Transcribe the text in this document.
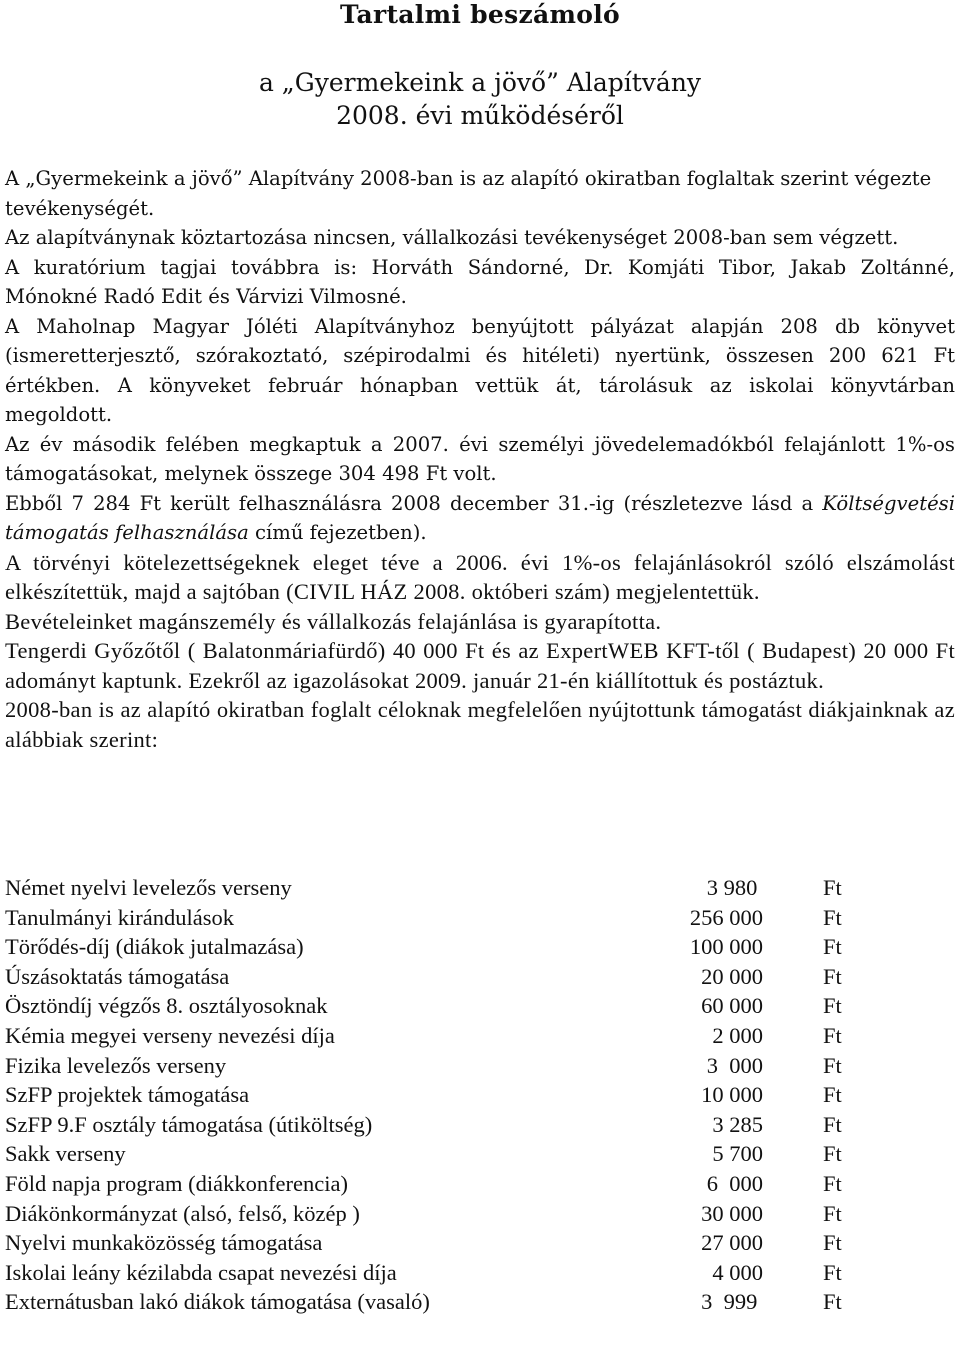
Tartalmi beszámoló
a „Gyermekeink a jövő” Alapítvány
2008. évi működéséről

A „Gyermekeink a jövő” Alapítvány 2008-ban is az alapító okiratban foglaltak szerint végezte tevékenységét.

Az alapítványnak köztartozása nincsen, vállalkozási tevékenységet 2008-ban sem végzett.

A kuratórium tagjai továbbra is: Horváth Sándorné, Dr. Komjáti Tibor, Jakab Zoltánné, Mónokné Radó Edit és Várvizi Vilmosné.

A Maholnap Magyar Jóléti Alapítványhoz benyújtott pályázat alapján 208 db könyvet (ismeretterjesztő, szórakoztató, szépirodalmi és hitéleti) nyertünk, összesen 200 621 Ft értékben. A könyveket február hónapban vettük át, tárolásuk az iskolai könyvtárban megoldott.

Az év második felében megkaptuk a 2007. évi személyi jövedelemadókból felajánlott 1%-os támogatásokat, melynek összege 304 498 Ft volt.

Ebből 7 284 Ft került felhasználásra 2008 december 31.-ig (részletezve lásd a Költségvetési támogatás felhasználása című fejezetben).

A törvényi kötelezettségeknek eleget téve a 2006. évi 1%-os felajánlásokról szóló elszámolást elkészítettük, majd a sajtóban (CIVIL HÁZ 2008. októberi szám) megjelentettük.

Bevételeinket magánszemély és vállalkozás felajánlása is gyarapította.

Tengerdi Győzőtől ( Balatonmáriafürdő) 40 000 Ft és az ExpertWEB KFT-től ( Budapest) 20 000 Ft adományt kaptunk. Ezekről az igazolásokat 2009. január 21-én kiállítottuk és postáztuk.

2008-ban is az alapító okiratban foglalt céloknak megfelelően nyújtottunk támogatást diákjainknak az alábbiak szerint:

Német nyelvi levelezős verseny	3 980	Ft
Tanulmányi kirándulások	256 000	Ft
Törődés-díj (diákok jutalmazása)	100 000	Ft
Úszásoktatás támogatása	20 000	Ft
Ösztöndíj végzős 8. osztályosoknak	60 000	Ft
Kémia megyei verseny nevezési díja	2 000	Ft
Fizika levelezős verseny	3  000	Ft
SzFP projektek támogatása	10 000	Ft
SzFP 9.F osztály támogatása (útiköltség)	3 285	Ft
Sakk verseny	5 700	Ft
Föld napja program (diákkonferencia)	6  000	Ft
Diákönkormányzat (alsó, felső, közép )	30 000	Ft
Nyelvi munkaközösség támogatása	27 000	Ft
Iskolai leány kézilabda csapat nevezési díja	4 000	Ft
Externátusban lakó diákok támogatása (vasaló)	3  999	Ft
